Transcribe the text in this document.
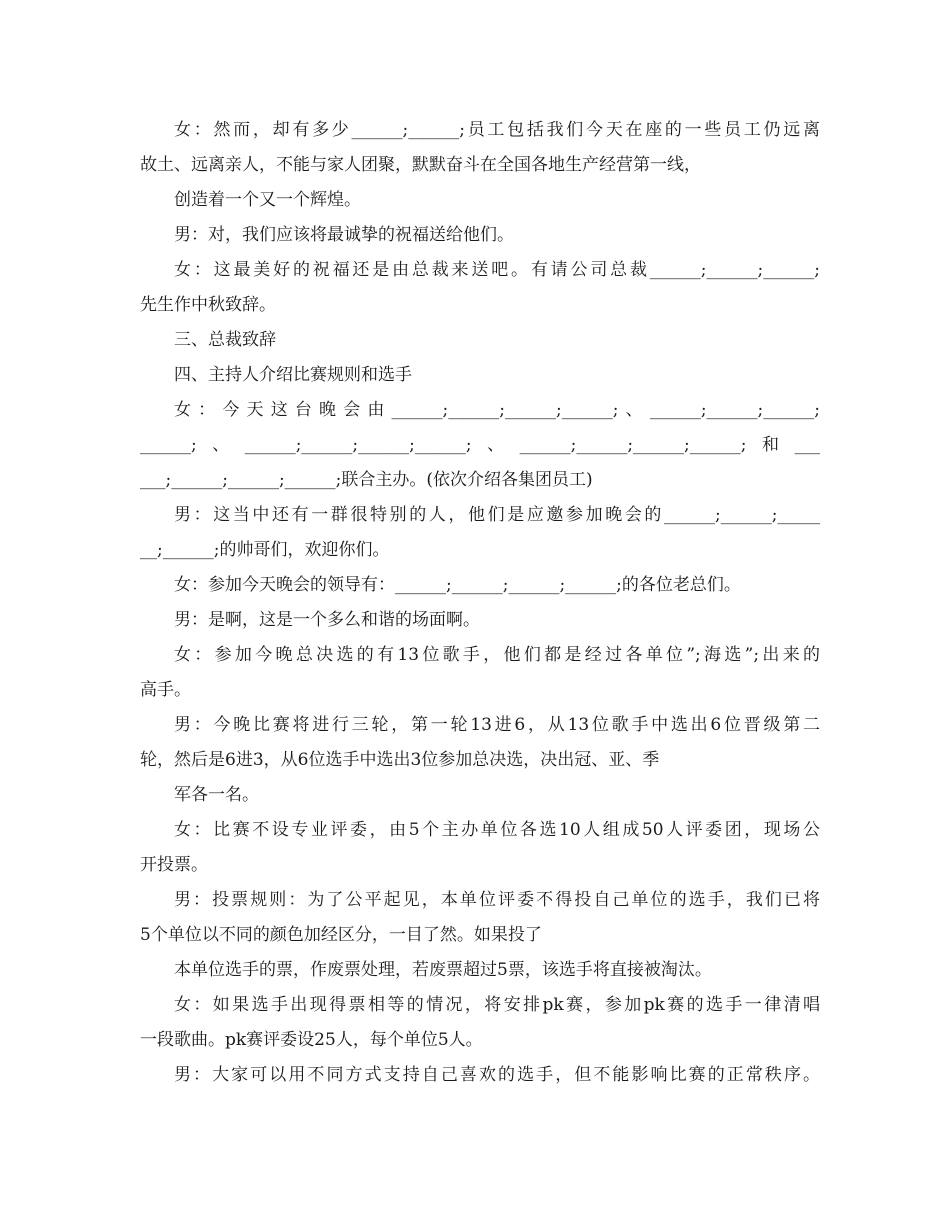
女：然而，却有多少______;______;员工包括我们今天在座的一些员工仍远离
故土、远离亲人，不能与家人团聚，默默奋斗在全国各地生产经营第一线，
创造着一个又一个辉煌。
男：对，我们应该将最诚挚的祝福送给他们。
女：这最美好的祝福还是由总裁来送吧。有请公司总裁______;______;______;
先生作中秋致辞。
三、总裁致辞
四、主持人介绍比赛规则和选手
女：今天这台晚会由______;______;______;______;、______;______;______;
______;、______;______;______;______;、______;______;______;______;和___
___;______;______;______;联合主办。(依次介绍各集团员工)
男：这当中还有一群很特别的人，他们是应邀参加晚会的______;______;_____
__;______;的帅哥们，欢迎你们。
女：参加今天晚会的领导有：______;______;______;______;的各位老总们。
男：是啊，这是一个多么和谐的场面啊。
女：参加今晚总决选的有13位歌手，他们都是经过各单位”;海选”;出来的
高手。
男：今晚比赛将进行三轮，第一轮13进6，从13位歌手中选出6位晋级第二
轮，然后是6进3，从6位选手中选出3位参加总决选，决出冠、亚、季
军各一名。
女：比赛不设专业评委，由5个主办单位各选10人组成50人评委团，现场公
开投票。
男：投票规则：为了公平起见，本单位评委不得投自己单位的选手，我们已将
5个单位以不同的颜色加经区分，一目了然。如果投了
本单位选手的票，作废票处理，若废票超过5票，该选手将直接被淘汰。
女：如果选手出现得票相等的情况，将安排pk赛，参加pk赛的选手一律清唱
一段歌曲。pk赛评委设25人，每个单位5人。
男：大家可以用不同方式支持自己喜欢的选手，但不能影响比赛的正常秩序。
